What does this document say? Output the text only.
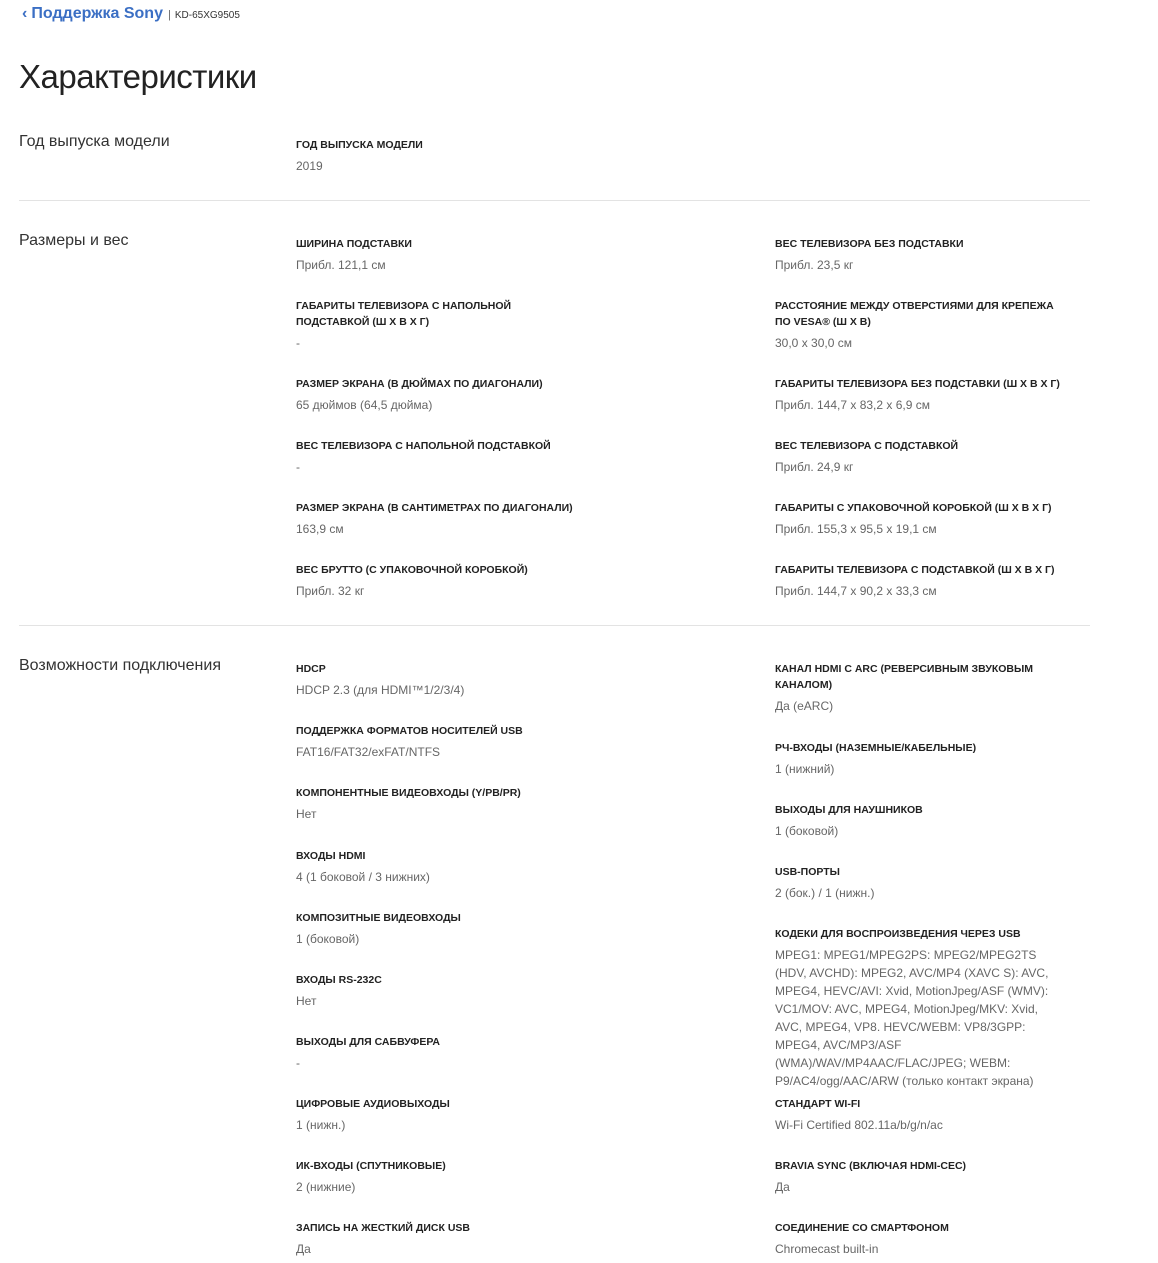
‹ Поддержка Sony | KD-65XG9505
Характеристики
Год выпуска модели	ГОД ВЫПУСКА МОДЕЛИ
2019
Размеры и вес	ШИРИНА ПОДСТАВКИ
Прибл. 121,1 см
ГАБАРИТЫ ТЕЛЕВИЗОРА С НАПОЛЬНОЙ ПОДСТАВКОЙ (Ш Х В Х Г)
-
РАЗМЕР ЭКРАНА (В ДЮЙМАХ ПО ДИАГОНАЛИ)
65 дюймов (64,5 дюйма)
ВЕС ТЕЛЕВИЗОРА С НАПОЛЬНОЙ ПОДСТАВКОЙ
-
РАЗМЕР ЭКРАНА (В САНТИМЕТРАХ ПО ДИАГОНАЛИ)
163,9 см
ВЕС БРУТТО (С УПАКОВОЧНОЙ КОРОБКОЙ)
Прибл. 32 кг
ВЕС ТЕЛЕВИЗОРА БЕЗ ПОДСТАВКИ
Прибл. 23,5 кг
РАССТОЯНИЕ МЕЖДУ ОТВЕРСТИЯМИ ДЛЯ КРЕПЕЖА ПО VESA® (Ш Х В)
30,0 x 30,0 см
ГАБАРИТЫ ТЕЛЕВИЗОРА БЕЗ ПОДСТАВКИ (Ш Х В Х Г)
Прибл. 144,7 x 83,2 x 6,9 см
ВЕС ТЕЛЕВИЗОРА С ПОДСТАВКОЙ
Прибл. 24,9 кг
ГАБАРИТЫ С УПАКОВОЧНОЙ КОРОБКОЙ (Ш Х В Х Г)
Прибл. 155,3 x 95,5 x 19,1 см
ГАБАРИТЫ ТЕЛЕВИЗОРА С ПОДСТАВКОЙ (Ш Х В Х Г)
Прибл. 144,7 x 90,2 x 33,3 см
Возможности подключения	HDCP
HDCP 2.3 (для HDMI™1/2/3/4)
ПОДДЕРЖКА ФОРМАТОВ НОСИТЕЛЕЙ USB
FAT16/FAT32/exFAT/NTFS
КОМПОНЕНТНЫЕ ВИДЕОВХОДЫ (Y/PB/PR)
Нет
ВХОДЫ HDMI
4 (1 боковой / 3 нижних)
КОМПОЗИТНЫЕ ВИДЕОВХОДЫ
1 (боковой)
ВХОДЫ RS-232C
Нет
ВЫХОДЫ ДЛЯ САБВУФЕРА
-
ЦИФРОВЫЕ АУДИОВЫХОДЫ
1 (нижн.)
ИК-ВХОДЫ (СПУТНИКОВЫЕ)
2 (нижние)
ЗАПИСЬ НА ЖЕСТКИЙ ДИСК USB
Да
КАНАЛ HDMI С ARC (РЕВЕРСИВНЫМ ЗВУКОВЫМ КАНАЛОМ)
Да (eARC)
РЧ-ВХОДЫ (НАЗЕМНЫЕ/КАБЕЛЬНЫЕ)
1 (нижний)
ВЫХОДЫ ДЛЯ НАУШНИКОВ
1 (боковой)
USB-ПОРТЫ
2 (бок.) / 1 (нижн.)
КОДЕКИ ДЛЯ ВОСПРОИЗВЕДЕНИЯ ЧЕРЕЗ USB
MPEG1: MPEG1/MPEG2PS: MPEG2/MPEG2TS (HDV, AVCHD): MPEG2, AVC/MP4 (XAVC S): AVC, MPEG4, HEVC/AVI: Xvid, MotionJpeg/ASF (WMV): VC1/MOV: AVC, MPEG4, MotionJpeg/MKV: Xvid, AVC, MPEG4, VP8. HEVC/WEBM: VP8/3GPP: MPEG4, AVC/MP3/ASF (WMA)/WAV/MP4AAC/FLAC/JPEG; WEBM: P9/AC4/ogg/AAC/ARW (только контакт экрана)
СТАНДАРТ WI-FI
Wi-Fi Certified 802.11a/b/g/n/ac
BRAVIA SYNC (ВКЛЮЧАЯ HDMI-CEC)
Да
СОЕДИНЕНИЕ СО СМАРТФОНОМ
Chromecast built-in
